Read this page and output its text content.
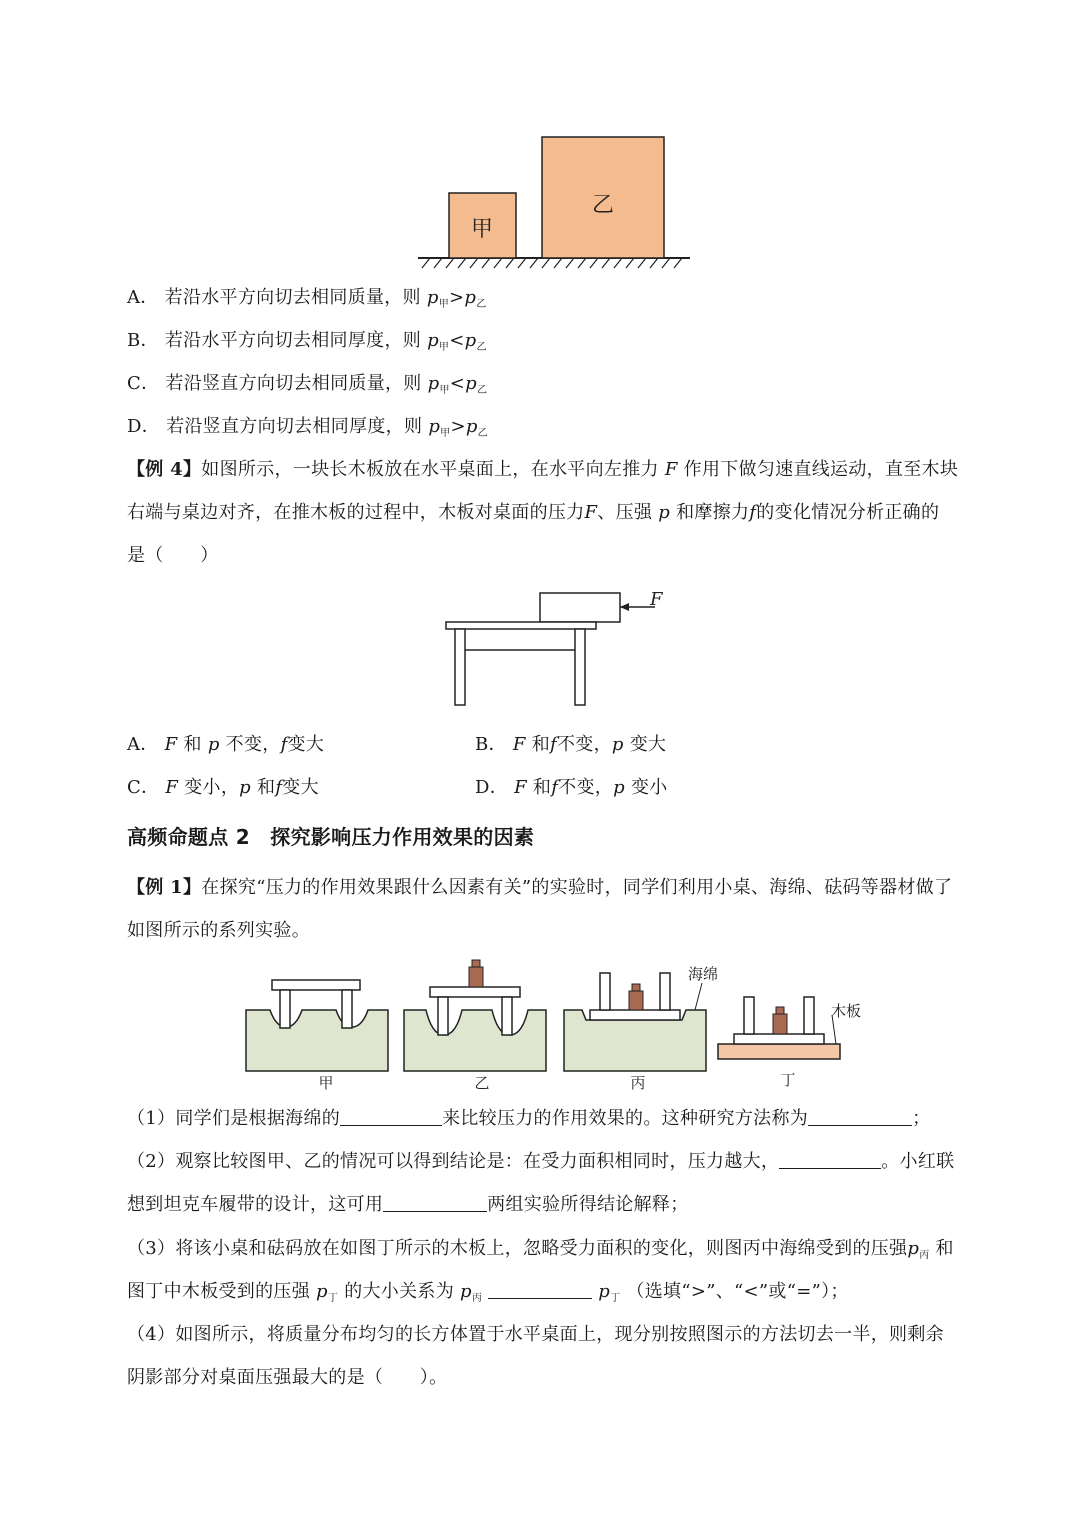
甲
乙
A． 若沿水平方向切去相同质量，则 $p_甲>p_乙$
B． 若沿水平方向切去相同厚度，则 $p_甲<p_乙$
C． 若沿竖直方向切去相同质量，则 $p_甲<p_乙$
D． 若沿竖直方向切去相同厚度，则 $p_甲>p_乙$
【例 4】如图所示，一块长木板放在水平桌面上，在水平向左推力 F 作用下做匀速直线运动，直至木块
右端与桌边对齐，在推木板的过程中，木板对桌面的压力F、压强 p 和摩擦力f的变化情况分析正确的
是（　　）
F
A． F 和 p 不变，f变大	B． F 和f不变，p 变大
C． F 变小，p 和f变大	D． F 和f不变，p 变小
高频命题点 2　探究影响压力作用效果的因素
【例 1】在探究“压力的作用效果跟什么因素有关”的实验时，同学们利用小桌、海绵、砝码等器材做了
如图所示的系列实验。
甲	乙
海绵
丙
木板
丁
（1）同学们是根据海绵的	来比较压力的作用效果的。这种研究方法称为	；
（2）观察比较图甲、乙的情况可以得到结论是：在受力面积相同时，压力越大，	。小红联
想到坦克车履带的设计，这可用	两组实验所得结论解释；
（3）将该小桌和砝码放在如图丁所示的木板上，忽略受力面积的变化，则图丙中海绵受到的压强$p_丙$ 和
图丁中木板受到的压强 $p_丁$ 的大小关系为 $p_丙$	$p_丁$ （选填“>”、“<”或“=”）；
（4）如图所示，将质量分布均匀的长方体置于水平桌面上，现分别按照图示的方法切去一半，则剩余
阴影部分对桌面压强最大的是（　　）。
